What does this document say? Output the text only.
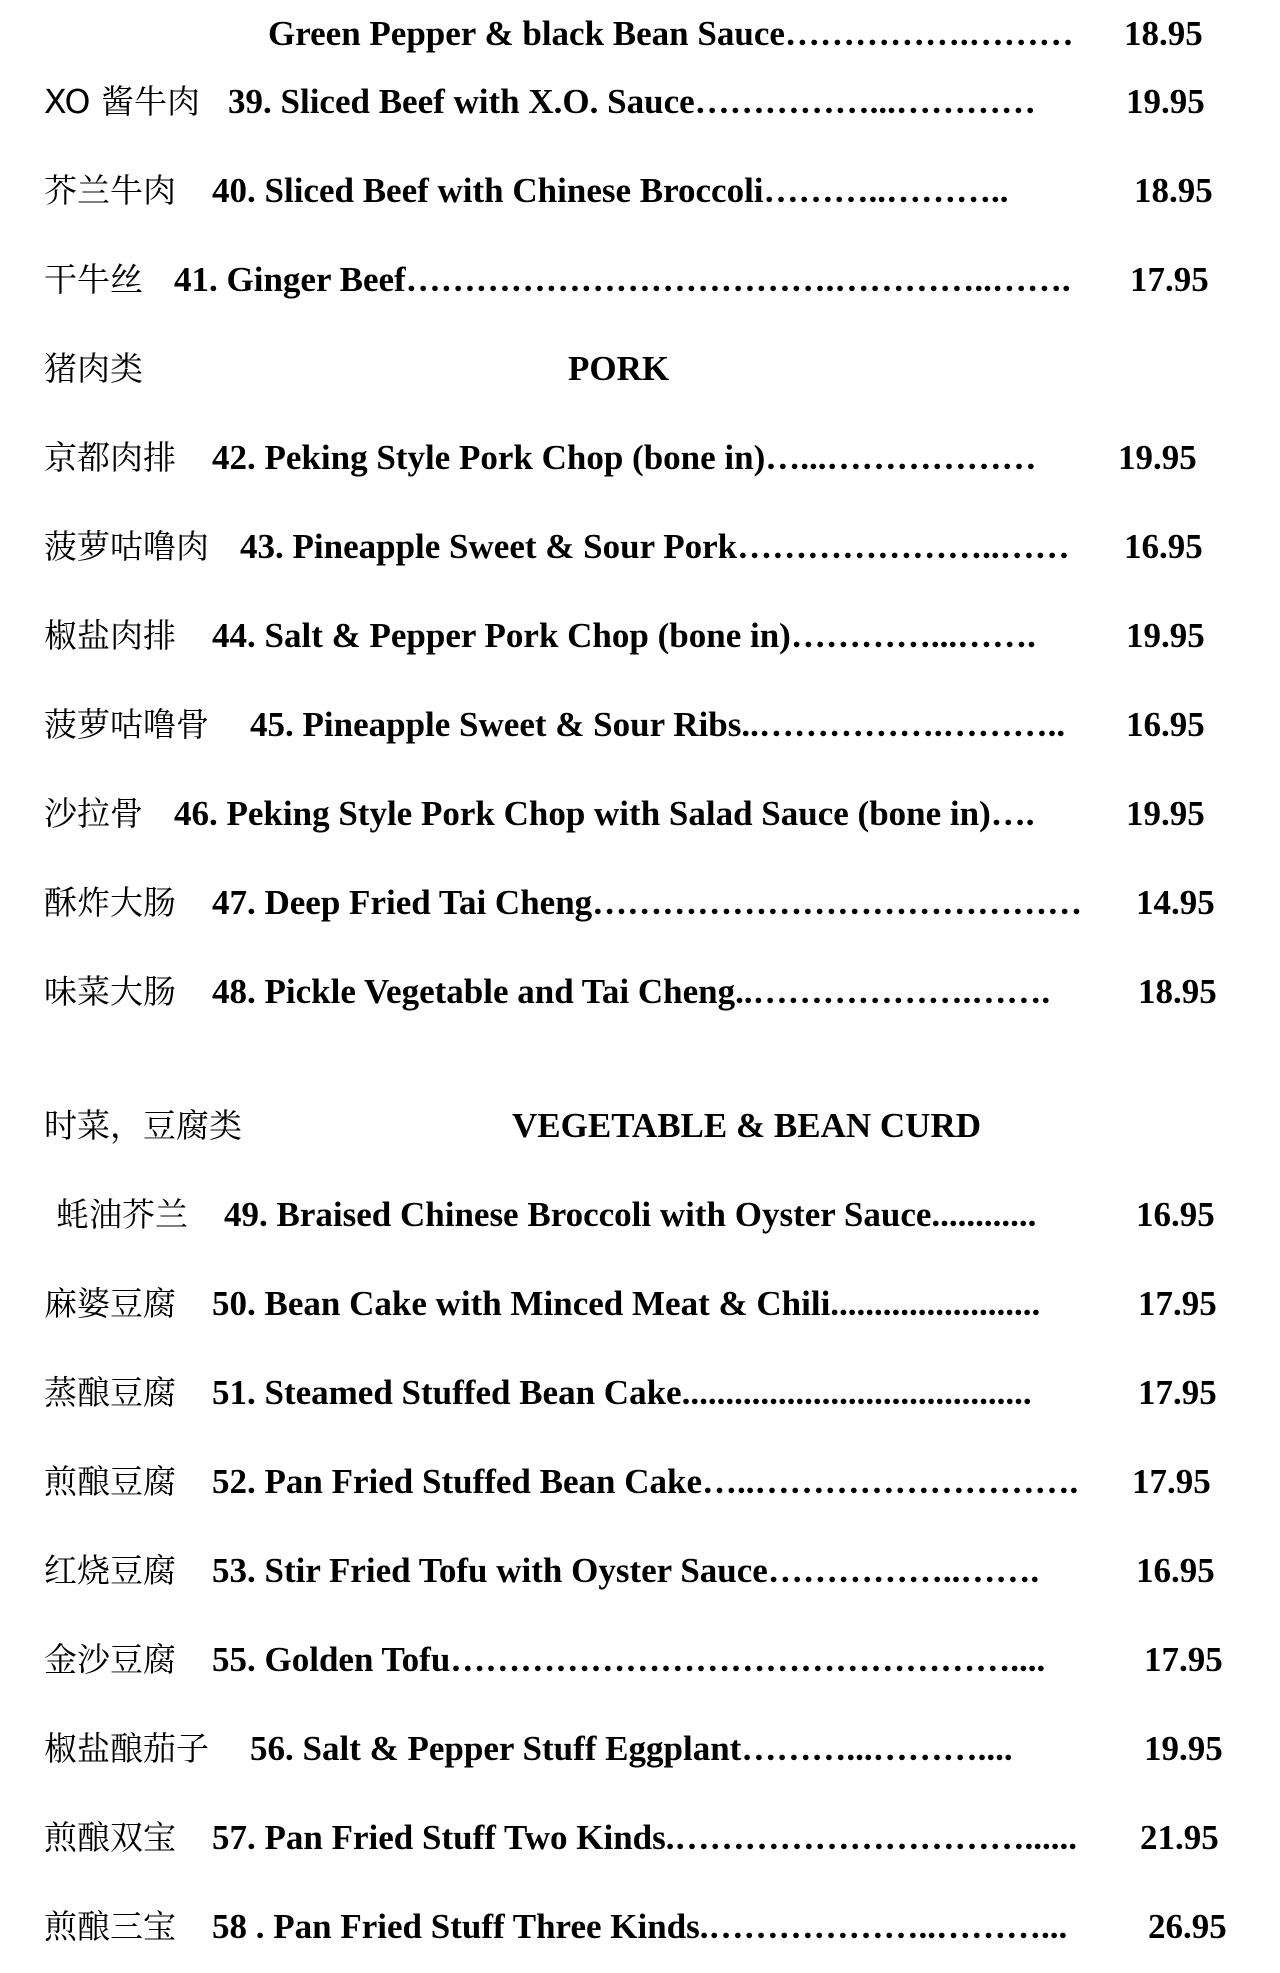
Green Pepper & black Bean Sauce…………….……… 18.95
XO 酱牛肉 39. Sliced Beef with X.O. Sauce……………...…………	19.95
芥兰牛肉 40. Sliced Beef with Chinese Broccoli………..………..	18.95
干牛丝 41. Ginger Beef……………………………….…………..……. 17.95
猪肉类	PORK
京都肉排 42. Peking Style Pork Chop (bone in)…...……………… 19.95
菠萝咕噜肉 43. Pineapple Sweet & Sour Pork…………………..…… 16.95
椒盐肉排 44. Salt & Pepper Pork Chop (bone in)…………...…….	19.95
菠萝咕噜骨 45. Pineapple Sweet & Sour Ribs..…………….……….. 16.95
沙拉骨 46. Peking Style Pork Chop with Salad Sauce (bone in)….	19.95
酥炸大肠 47. Deep Fried Tai Cheng…………………………………… 14.95
味菜大肠 48. Pickle Vegetable and Tai Cheng..……………….…….	18.95
时菜，豆腐类	VEGETABLE & BEAN CURD
蚝油芥兰 49. Braised Chinese Broccoli with Oyster Sauce............	16.95
麻婆豆腐 50. Bean Cake with Minced Meat & Chili........................	17.95
蒸酿豆腐 51. Steamed Stuffed Bean Cake........................................	17.95
煎酿豆腐 52. Pan Fried Stuffed Bean Cake…..………………………. 17.95
红烧豆腐 53. Stir Fried Tofu with Oyster Sauce……………..…….	16.95
金沙豆腐 55. Golden Tofu…………………………………………....	17.95
椒盐酿茄子 56. Salt & Pepper Stuff Eggplant………...………....	19.95
煎酿双宝 57. Pan Fried Stuff Two Kinds.…………………………...... 21.95
煎酿三宝 58 . Pan Fried Stuff Three Kinds.………………..………... 26.95
